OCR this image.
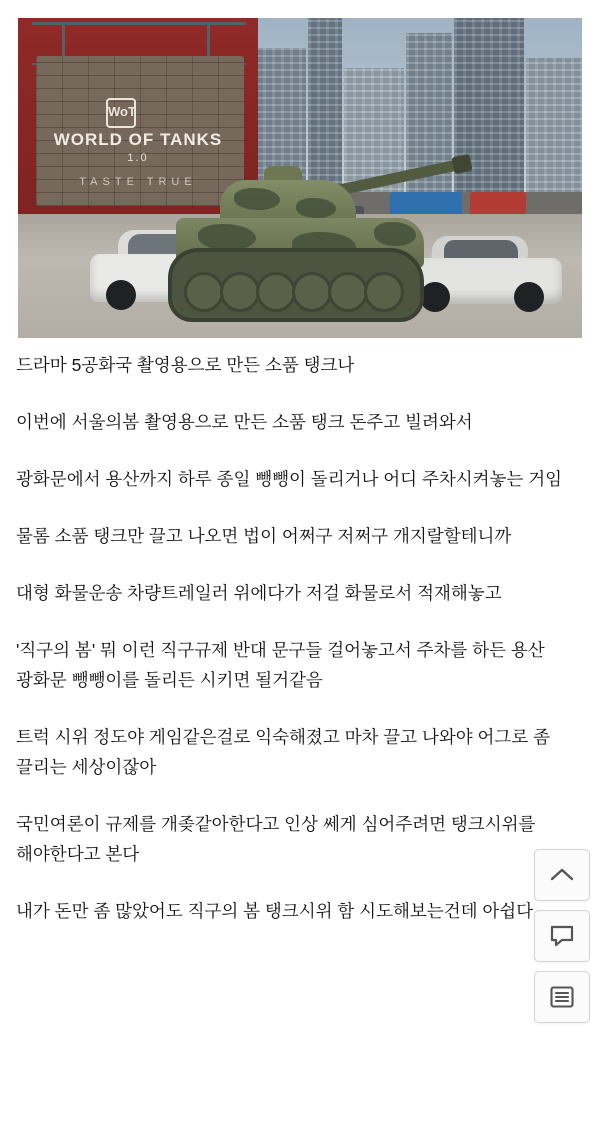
WoT
WORLD OF TANKS
1.0
TASTE TRUE

드라마 5공화국 촬영용으로 만든 소품 탱크나

이번에 서울의봄 촬영용으로 만든 소품 탱크 돈주고 빌려와서

광화문에서 용산까지 하루 종일 뺑뺑이 돌리거나 어디 주차시켜놓는 거임

물롬 소품 탱크만 끌고 나오면 법이 어쩌구 저쩌구 개지랄할테니까

대형 화물운송 차량트레일러 위에다가 저걸 화물로서 적재해놓고

'직구의 봄' 뭐 이런 직구규제 반대 문구들 걸어놓고서 주차를 하든 용산 광화문 뺑뺑이를 돌리든 시키면 될거같음

트럭 시위 정도야 게임같은걸로 익숙해졌고 마차 끌고 나와야 어그로 좀 끌리는 세상이잖아

국민여론이 규제를 개좆같아한다고 인상 쎄게 심어주려면 탱크시위를 해야한다고 본다

내가 돈만 좀 많았어도 직구의 봄 탱크시위 함 시도해보는건데 아쉽다
